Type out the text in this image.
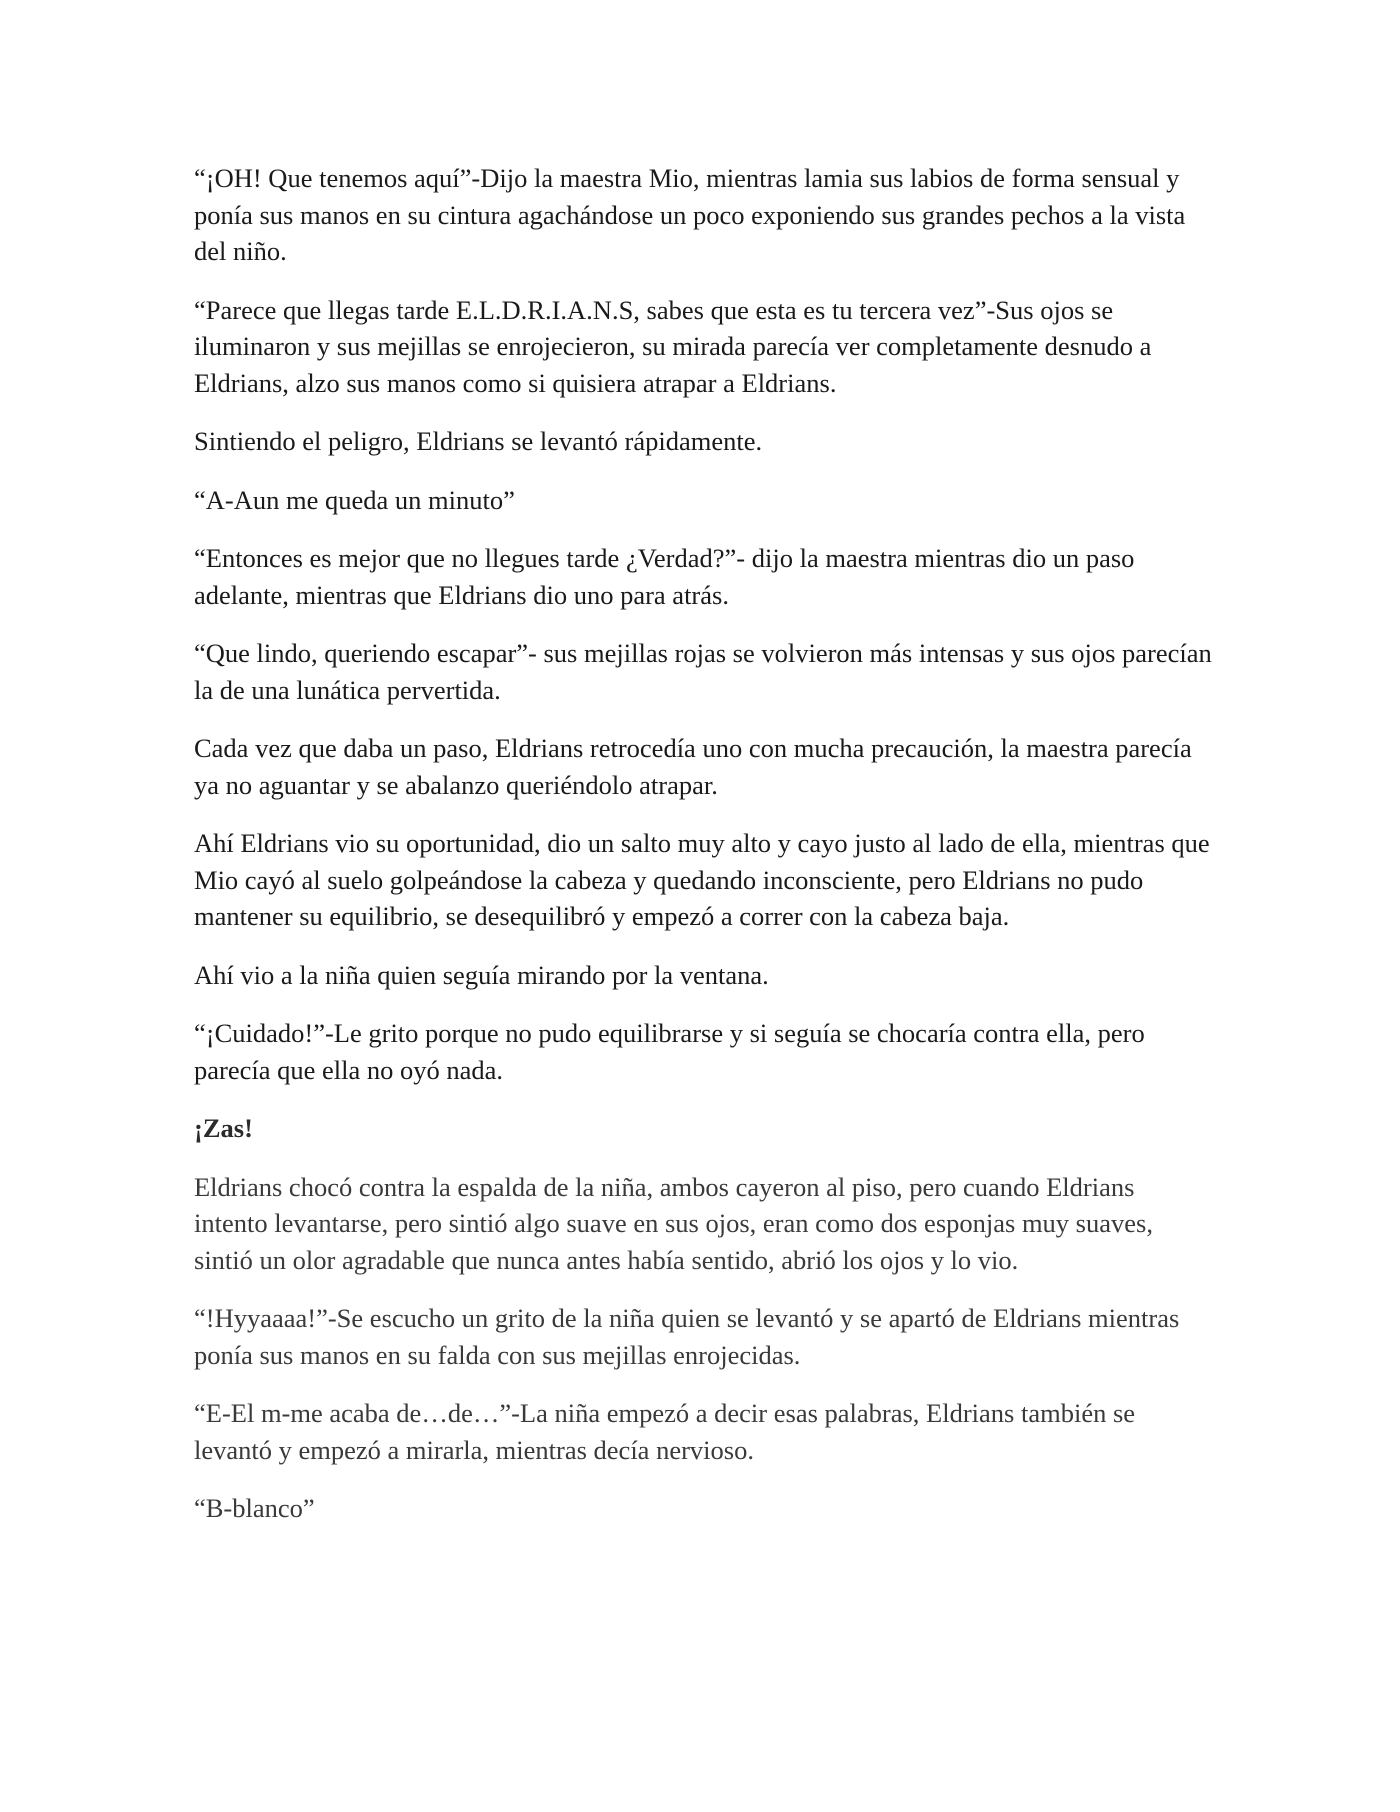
“¡OH! Que tenemos aquí”-Dijo la maestra Mio, mientras lamia sus labios de forma sensual y ponía sus manos en su cintura agachándose un poco exponiendo sus grandes pechos a la vista del niño.

“Parece que llegas tarde E.L.D.R.I.A.N.S, sabes que esta es tu tercera vez”-Sus ojos se iluminaron y sus mejillas se enrojecieron, su mirada parecía ver completamente desnudo a Eldrians, alzo sus manos como si quisiera atrapar a Eldrians.

Sintiendo el peligro, Eldrians se levantó rápidamente.

“A-Aun me queda un minuto”

“Entonces es mejor que no llegues tarde ¿Verdad?”- dijo la maestra mientras dio un paso adelante, mientras que Eldrians dio uno para atrás.

“Que lindo, queriendo escapar”- sus mejillas rojas se volvieron más intensas y sus ojos parecían la de una lunática pervertida.

Cada vez que daba un paso, Eldrians retrocedía uno con mucha precaución, la maestra parecía ya no aguantar y se abalanzo queriéndolo atrapar.

Ahí Eldrians vio su oportunidad, dio un salto muy alto y cayo justo al lado de ella, mientras que Mio cayó al suelo golpeándose la cabeza y quedando inconsciente, pero Eldrians no pudo mantener su equilibrio, se desequilibró y empezó a correr con la cabeza baja.

Ahí vio a la niña quien seguía mirando por la ventana.

“¡Cuidado!”-Le grito porque no pudo equilibrarse y si seguía se chocaría contra ella, pero parecía que ella no oyó nada.

¡Zas!

Eldrians chocó contra la espalda de la niña, ambos cayeron al piso, pero cuando Eldrians intento levantarse, pero sintió algo suave en sus ojos, eran como dos esponjas muy suaves, sintió un olor agradable que nunca antes había sentido, abrió los ojos y lo vio.

“!Hyyaaaa!”-Se escucho un grito de la niña quien se levantó y se apartó de Eldrians mientras ponía sus manos en su falda con sus mejillas enrojecidas.

“E-El m-me acaba de…de…”-La niña empezó a decir esas palabras, Eldrians también se levantó y empezó a mirarla, mientras decía nervioso.

“B-blanco”
